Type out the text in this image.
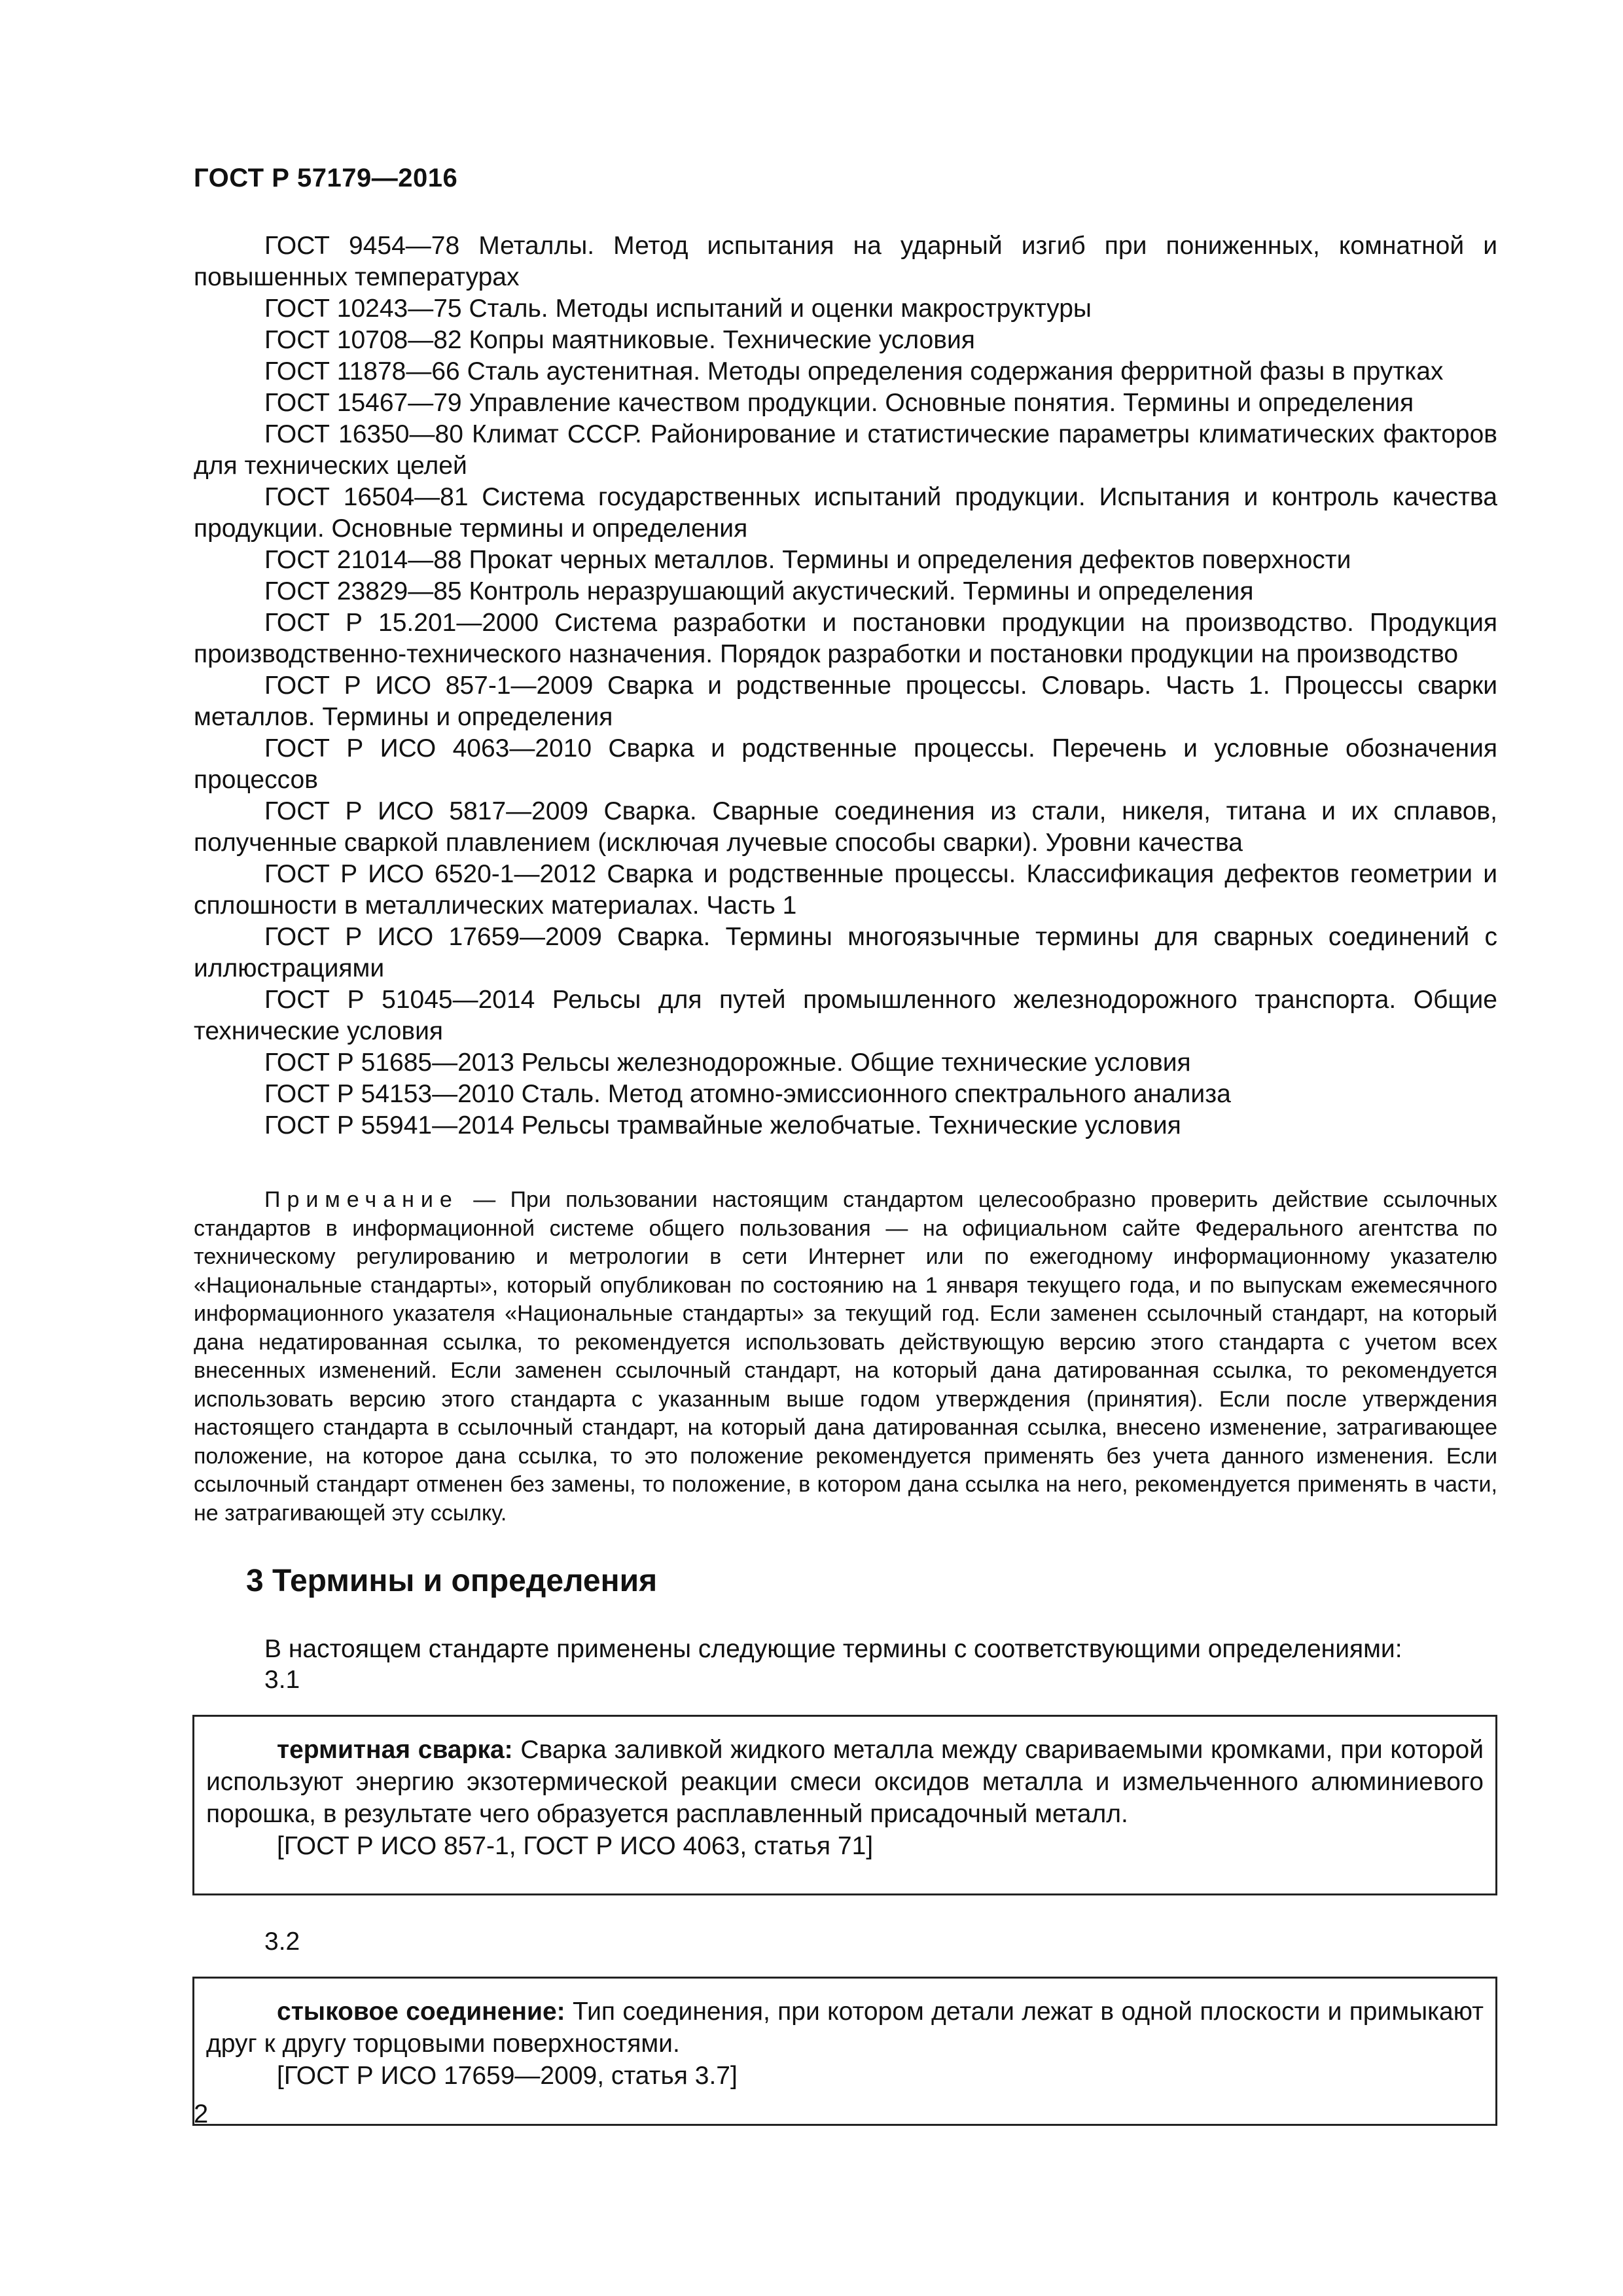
ГОСТ Р 57179—2016

ГОСТ 9454—78 Металлы. Метод испытания на ударный изгиб при пониженных, комнатной и повышенных температурах

ГОСТ 10243—75 Сталь. Методы испытаний и оценки макроструктуры

ГОСТ 10708—82 Копры маятниковые. Технические условия

ГОСТ 11878—66 Сталь аустенитная. Методы определения содержания ферритной фазы в прутках

ГОСТ 15467—79 Управление качеством продукции. Основные понятия. Термины и определения

ГОСТ 16350—80 Климат СССР. Районирование и статистические параметры климатических факторов для технических целей

ГОСТ 16504—81 Система государственных испытаний продукции. Испытания и контроль качества продукции. Основные термины и определения

ГОСТ 21014—88 Прокат черных металлов. Термины и определения дефектов поверхности

ГОСТ 23829—85 Контроль неразрушающий акустический. Термины и определения

ГОСТ Р 15.201—2000 Система разработки и постановки продукции на производство. Продукция производственно-технического назначения. Порядок разработки и постановки продукции на производство

ГОСТ Р ИСО 857-1—2009 Сварка и родственные процессы. Словарь. Часть 1. Процессы сварки металлов. Термины и определения

ГОСТ Р ИСО 4063—2010 Сварка и родственные процессы. Перечень и условные обозначения процессов

ГОСТ Р ИСО 5817—2009 Сварка. Сварные соединения из стали, никеля, титана и их сплавов, полученные сваркой плавлением (исключая лучевые способы сварки). Уровни качества

ГОСТ Р ИСО 6520-1—2012 Сварка и родственные процессы. Классификация дефектов геометрии и сплошности в металлических материалах. Часть 1

ГОСТ Р ИСО 17659—2009 Сварка. Термины многоязычные термины для сварных соединений с иллюстрациями

ГОСТ Р 51045—2014 Рельсы для путей промышленного железнодорожного транспорта. Общие технические условия

ГОСТ Р 51685—2013 Рельсы железнодорожные. Общие технические условия

ГОСТ Р 54153—2010 Сталь. Метод атомно-эмиссионного спектрального анализа

ГОСТ Р 55941—2014 Рельсы трамвайные желобчатые. Технические условия

Примечание — При пользовании настоящим стандартом целесообразно проверить действие ссылочных стандартов в информационной системе общего пользования — на официальном сайте Федерального агентства по техническому регулированию и метрологии в сети Интернет или по ежегодному информационному указателю «Национальные стандарты», который опубликован по состоянию на 1 января текущего года, и по выпускам ежемесячного информационного указателя «Национальные стандарты» за текущий год. Если заменен ссылочный стандарт, на который дана недатированная ссылка, то рекомендуется использовать действующую версию этого стандарта с учетом всех внесенных изменений. Если заменен ссылочный стандарт, на который дана датированная ссылка, то рекомендуется использовать версию этого стандарта с указанным выше годом утверждения (принятия). Если после утверждения настоящего стандарта в ссылочный стандарт, на который дана датированная ссылка, внесено изменение, затрагивающее положение, на которое дана ссылка, то это положение рекомендуется применять без учета данного изменения. Если ссылочный стандарт отменен без замены, то положение, в котором дана ссылка на него, рекомендуется применять в части, не затрагивающей эту ссылку.

3 Термины и определения

В настоящем стандарте применены следующие термины с соответствующими определениями:

3.1

термитная сварка: Сварка заливкой жидкого металла между свариваемыми кромками, при которой используют энергию экзотермической реакции смеси оксидов металла и измельченного алюминиевого порошка, в результате чего образуется расплавленный присадочный металл.

[ГОСТ Р ИСО 857-1, ГОСТ Р ИСО 4063, статья 71]

3.2

стыковое соединение: Тип соединения, при котором детали лежат в одной плоскости и примыкают друг к другу торцовыми поверхностями.

[ГОСТ Р ИСО 17659—2009, статья 3.7]

2
